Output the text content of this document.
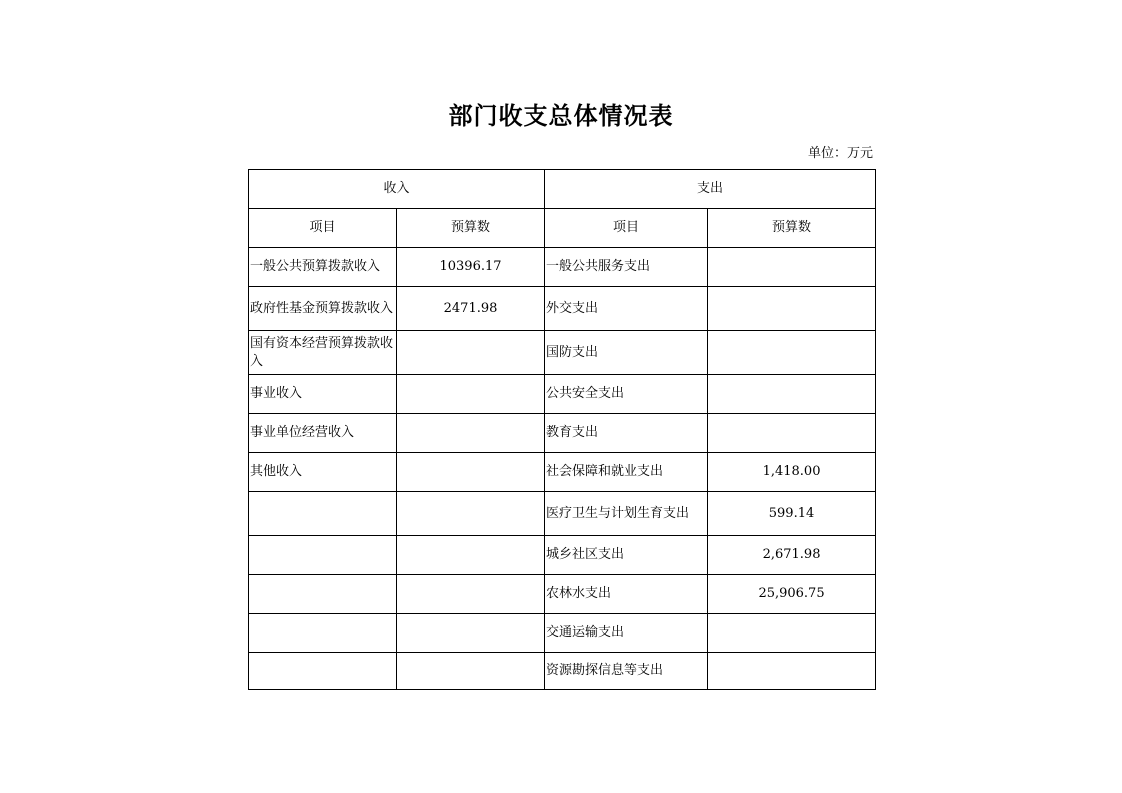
部门收支总体情况表
单位：万元
收入		支出	
项目	预算数	项目	预算数
一般公共预算拨款收入	10396.17	一般公共服务支出	
政府性基金预算拨款收入	2471.98	外交支出	
国有资本经营预算拨款收入		国防支出	
事业收入		公共安全支出	
事业单位经营收入		教育支出	
其他收入		社会保障和就业支出	1,418.00
		医疗卫生与计划生育支出	599.14
		城乡社区支出	2,671.98
		农林水支出	25,906.75
		交通运输支出	
		资源勘探信息等支出	
